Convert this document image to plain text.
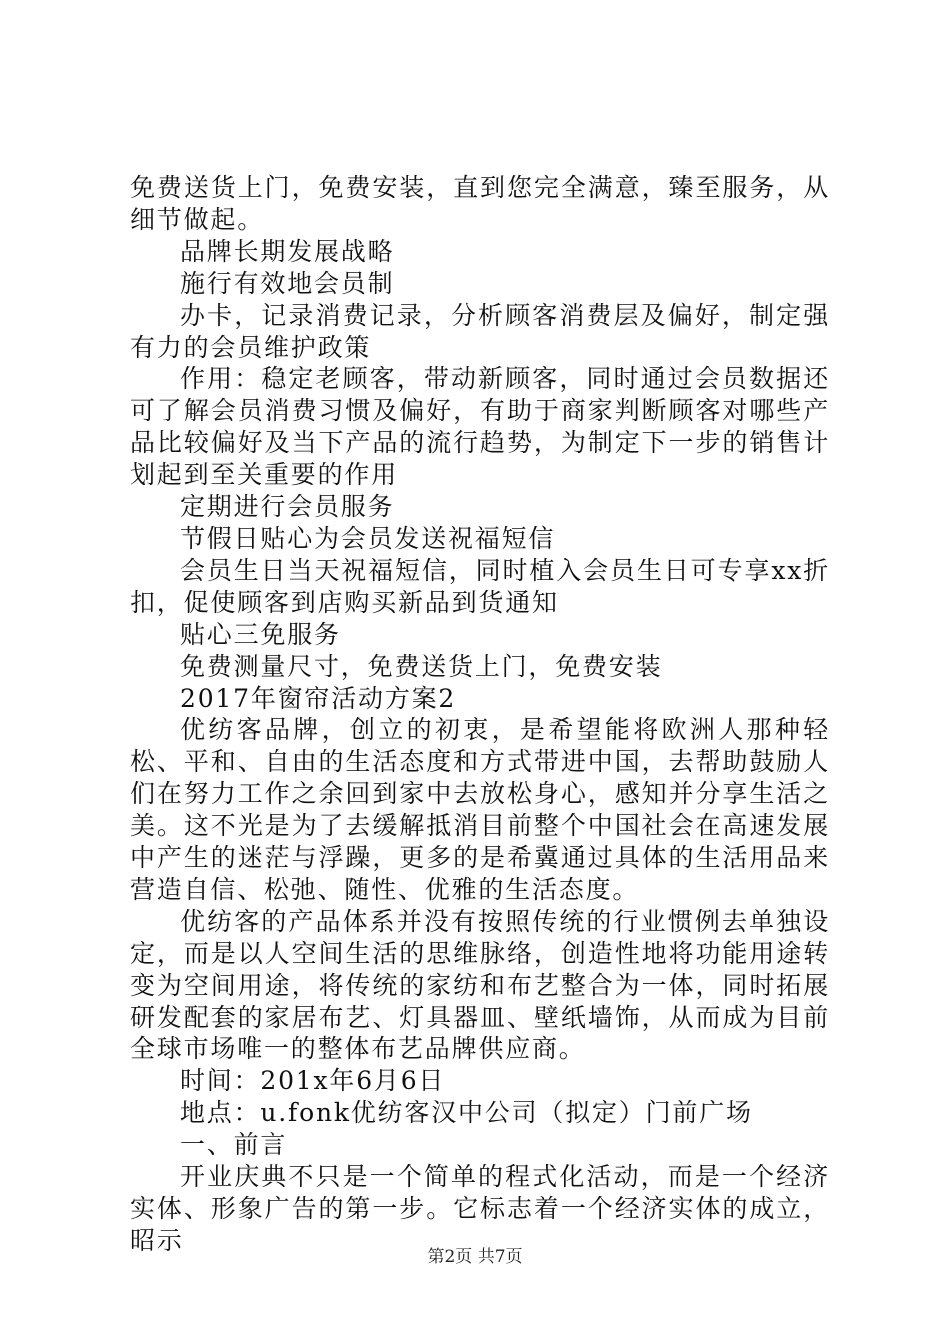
免费送货上门，免费安装，直到您完全满意，臻至服务，从细节做起。

品牌长期发展战略

施行有效地会员制

办卡，记录消费记录，分析顾客消费层及偏好，制定强有力的会员维护政策

作用：稳定老顾客，带动新顾客，同时通过会员数据还可了解会员消费习惯及偏好，有助于商家判断顾客对哪些产品比较偏好及当下产品的流行趋势，为制定下一步的销售计划起到至关重要的作用

定期进行会员服务

节假日贴心为会员发送祝福短信

会员生日当天祝福短信，同时植入会员生日可专享xx折扣，促使顾客到店购买新品到货通知

贴心三免服务

免费测量尺寸，免费送货上门，免费安装

2017年窗帘活动方案2

优纺客品牌，创立的初衷，是希望能将欧洲人那种轻松、平和、自由的生活态度和方式带进中国，去帮助鼓励人们在努力工作之余回到家中去放松身心，感知并分享生活之美。这不光是为了去缓解抵消目前整个中国社会在高速发展中产生的迷茫与浮躁，更多的是希冀通过具体的生活用品来营造自信、松弛、随性、优雅的生活态度。

优纺客的产品体系并没有按照传统的行业惯例去单独设定，而是以人空间生活的思维脉络，创造性地将功能用途转变为空间用途，将传统的家纺和布艺整合为一体，同时拓展研发配套的家居布艺、灯具器皿、壁纸墙饰，从而成为目前全球市场唯一的整体布艺品牌供应商。

时间：201x年6月6日

地点：u.fonk优纺客汉中公司（拟定）门前广场

一、前言

开业庆典不只是一个简单的程式化活动，而是一个经济实体、形象广告的第一步。它标志着一个经济实体的成立，昭示

第2页 共7页
